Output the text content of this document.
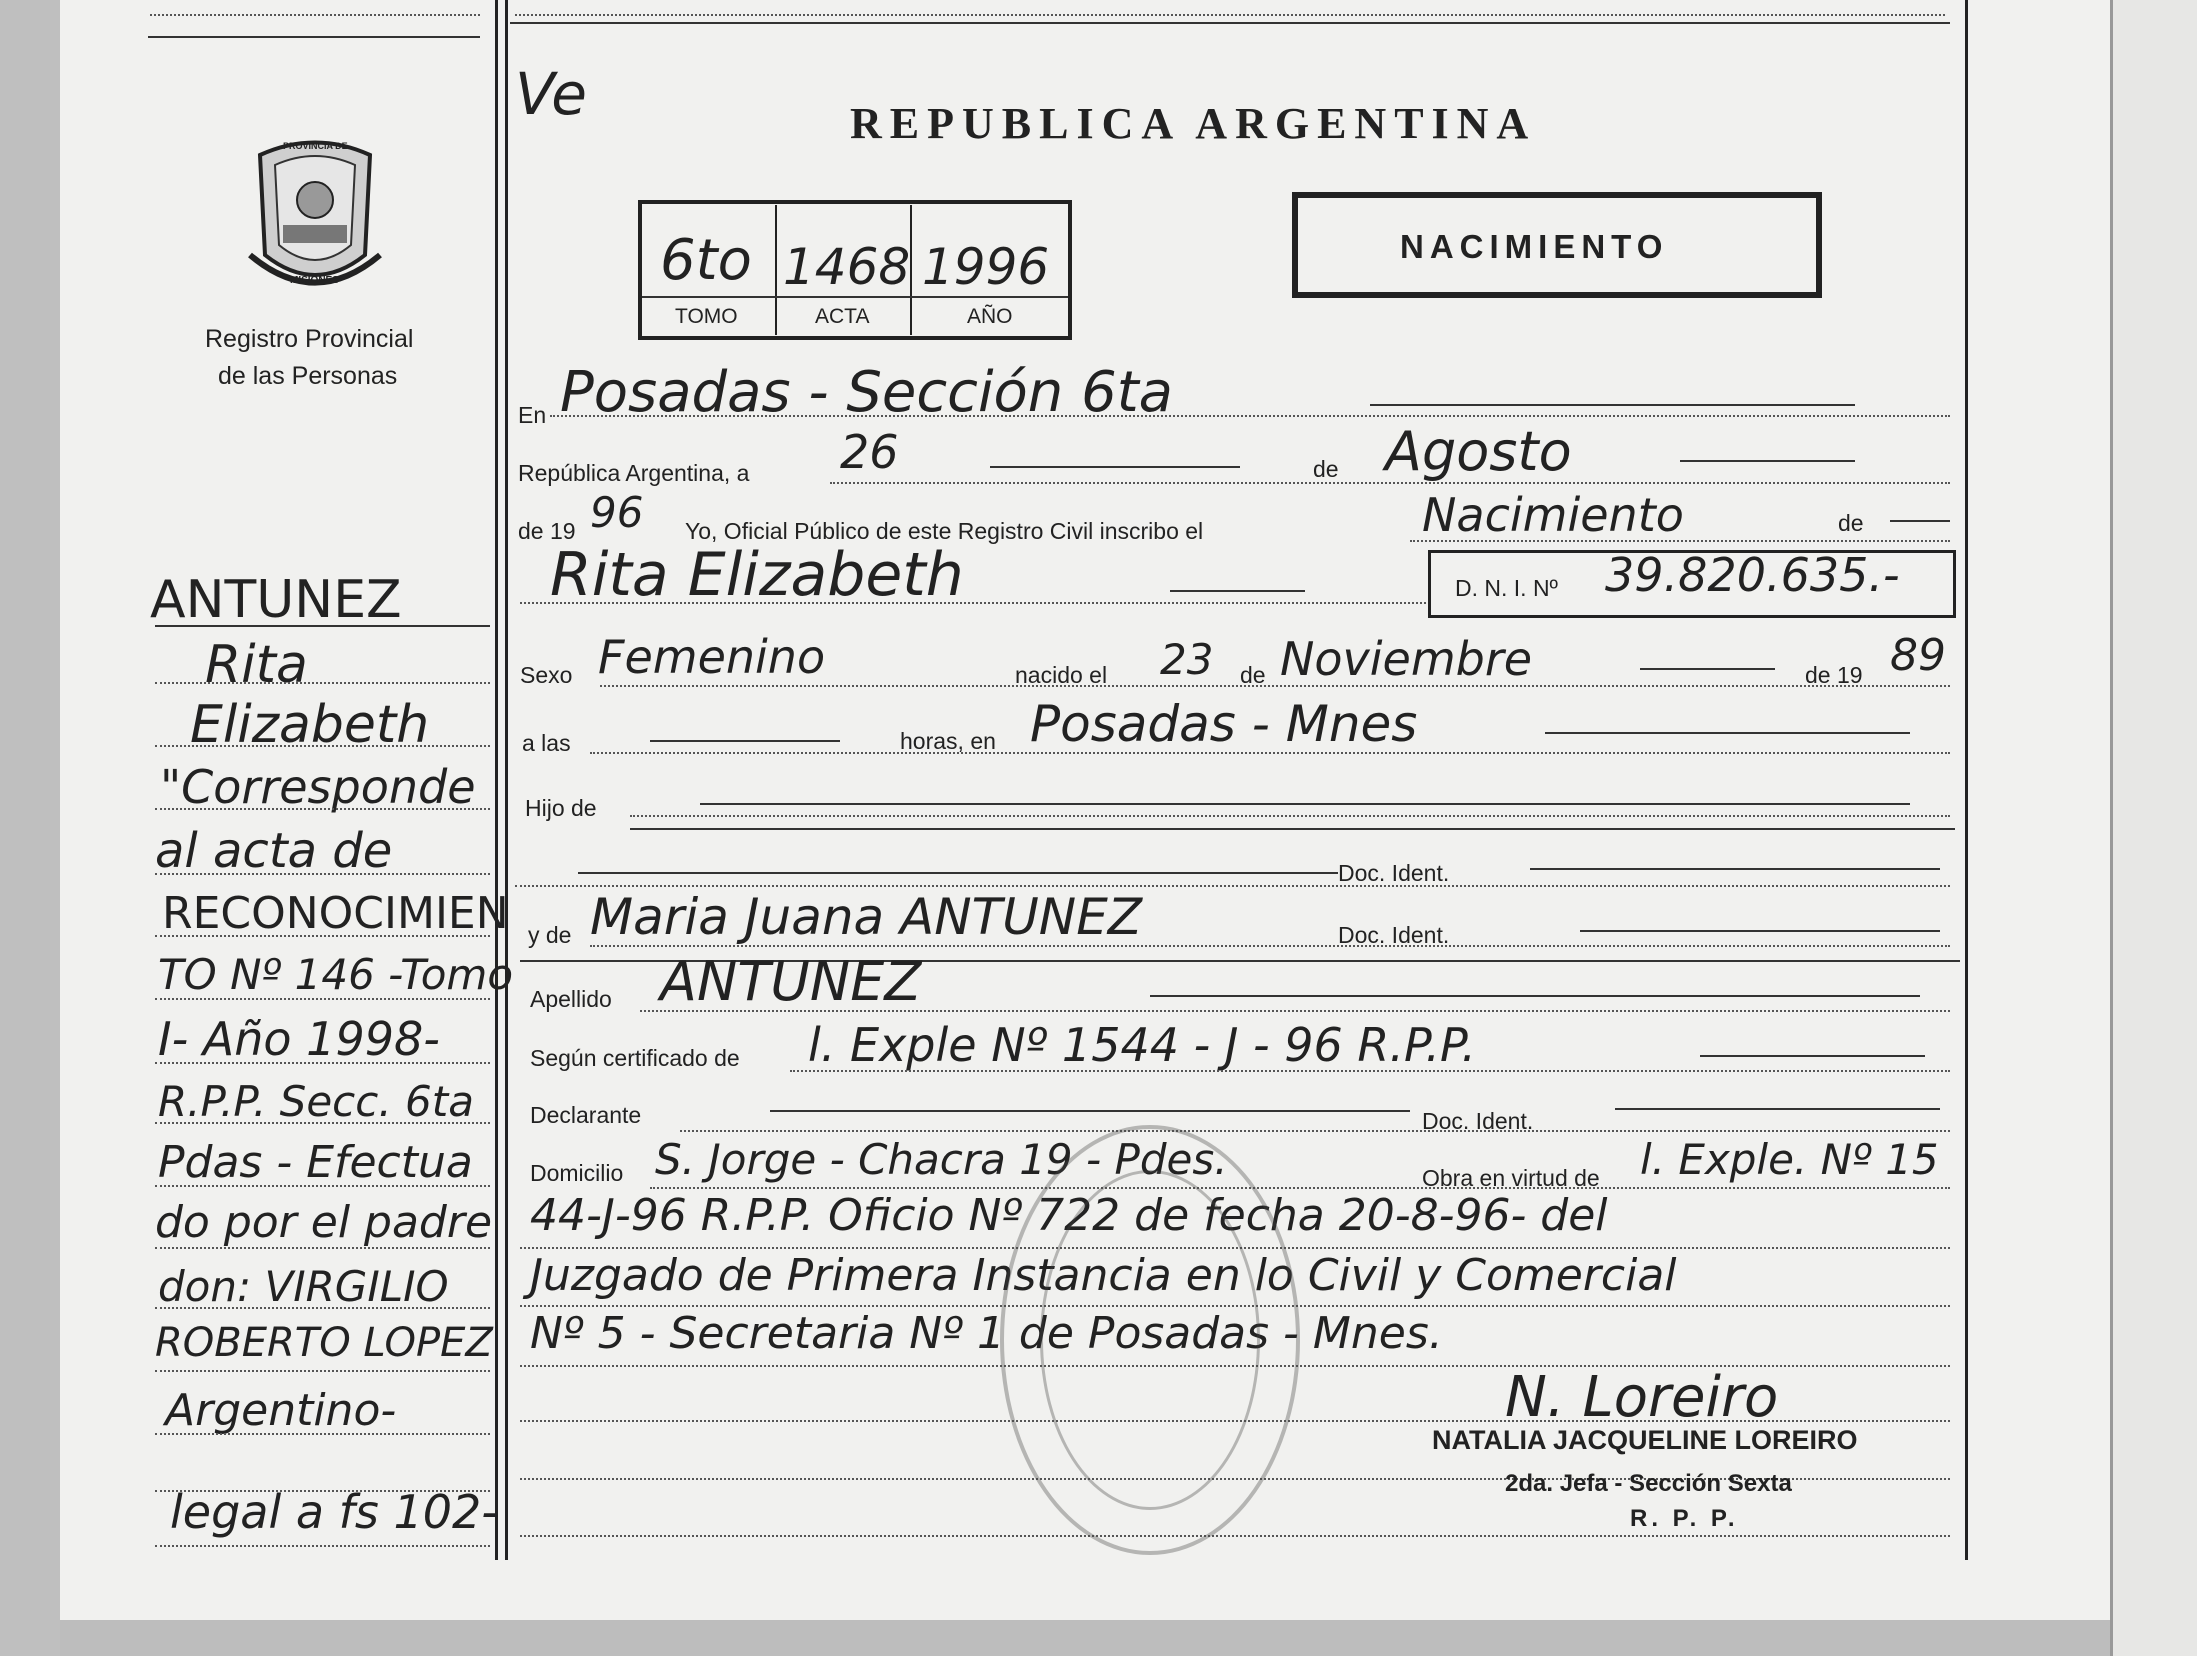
Ve
PROVINCIA DE
MISIONES
Registro Provincial
de las Personas
REPUBLICA ARGENTINA
6to 1468 1996
TOMO	ACTA	AÑO
NACIMIENTO
En Posadas - Sección 6ta
República Argentina, a 26	de Agosto
de 19 96 Yo, Oficial Público de este Registro Civil inscribo el	Nacimiento	de
Rita Elizabeth	D. N. I. Nº 39.820.635.-
Sexo Femenino	nacido el 23 de Noviembre	de 19 89
a las	horas, en Posadas - Mnes
Hijo de
Doc. Ident.
y de Maria Juana ANTUNEZ	Doc. Ident.
Apellido ANTUNEZ
Según certificado de l. Exple Nº 1544 - J - 96 R.P.P.
Declarante	Doc. Ident.
Domicilio S. Jorge - Chacra 19 - Pdes.	Obra en virtud de l. Exple. Nº 15
44-J-96 R.P.P. Oficio Nº 722 de fecha 20-8-96- del
Juzgado de Primera Instancia en lo Civil y Comercial
Nº 5 - Secretaria Nº 1 de Posadas - Mnes.
N. Loreiro
NATALIA JACQUELINE LOREIRO
2da. Jefa - Sección Sexta
R. P. P.
ANTUNEZ
Rita
Elizabeth
"Corresponde
al acta de
RECONOCIMIEN
TO Nº 146 -Tomo
I- Año 1998-
R.P.P. Secc. 6ta
Pdas - Efectua
do por el padre
don: VIRGILIO
ROBERTO LOPEZ
Argentino-
legal a fs 102-
